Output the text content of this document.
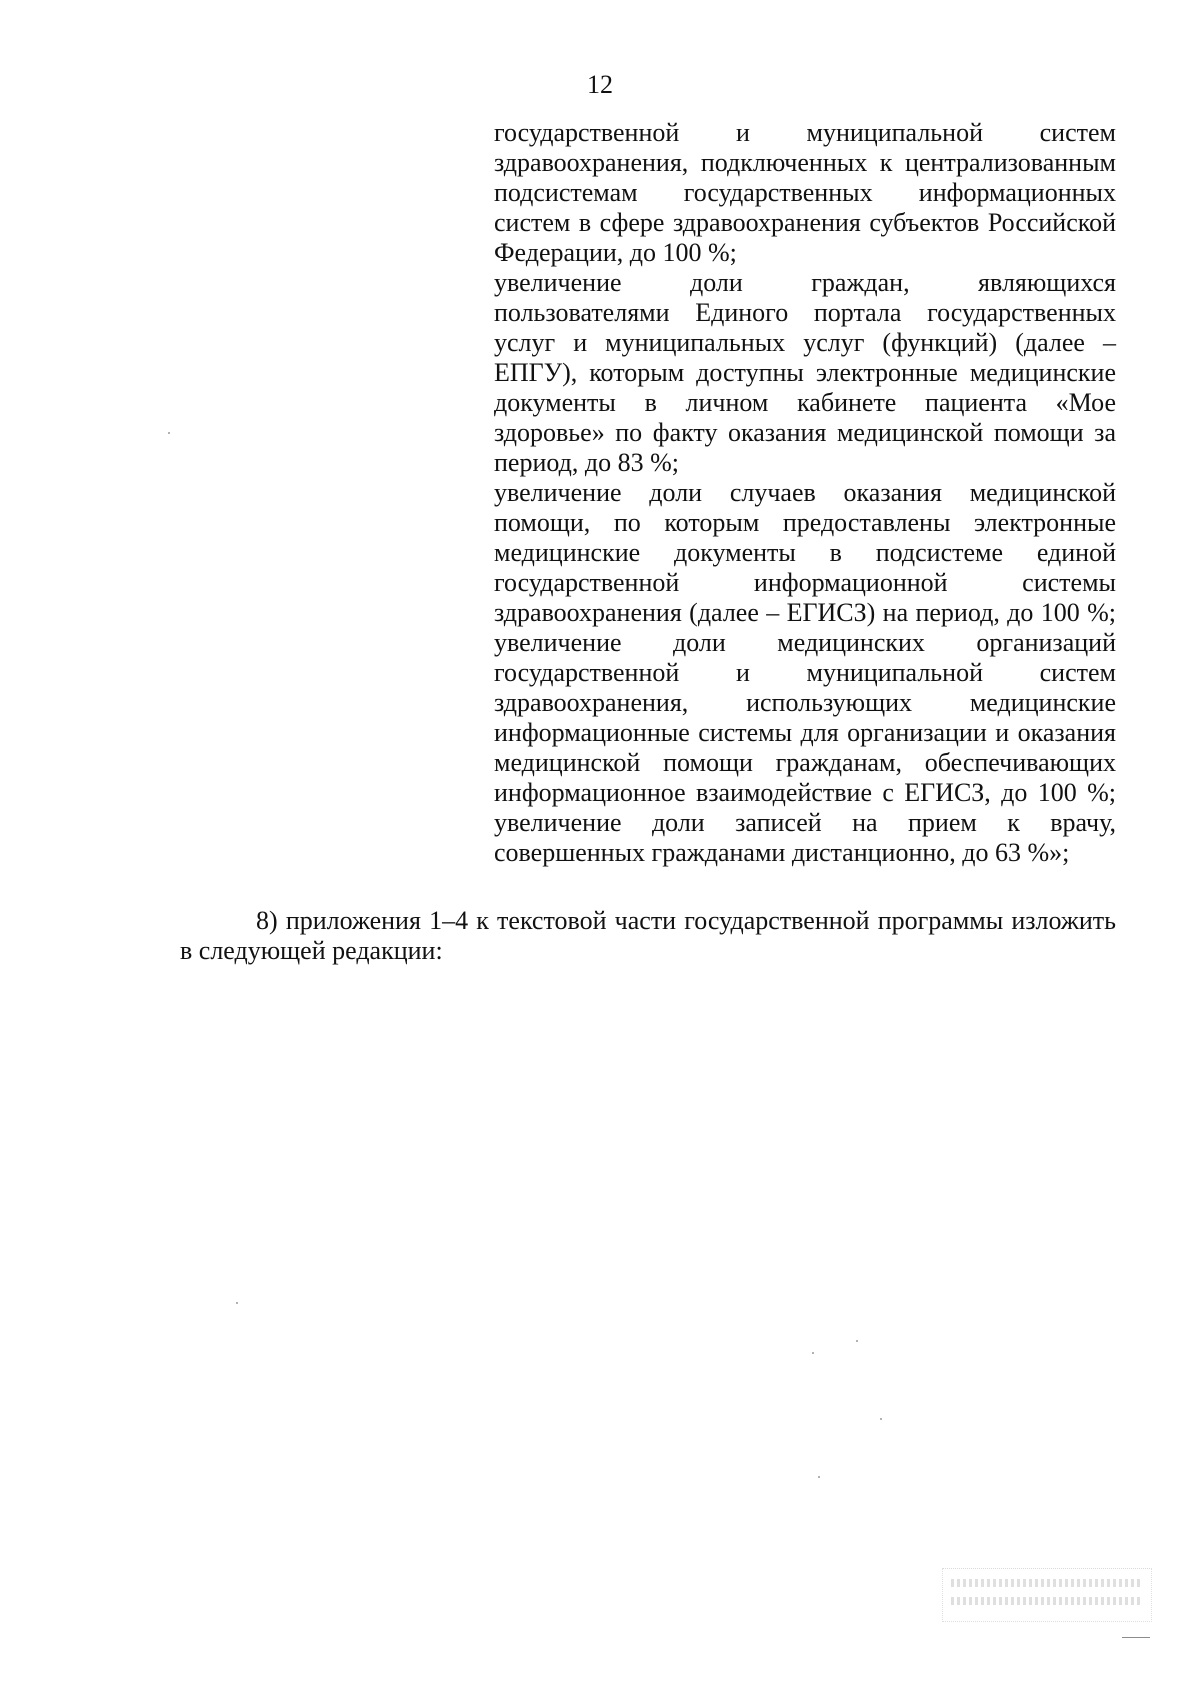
12
государственной и муниципальной систем
здравоохранения, подключенных к централизованным
подсистемам государственных информационных
систем в сфере здравоохранения субъектов Российской
Федерации, до 100 %;
увеличение доли граждан, являющихся
пользователями Единого портала государственных
услуг и муниципальных услуг (функций) (далее –
ЕПГУ), которым доступны электронные медицинские
документы в личном кабинете пациента «Мое
здоровье» по факту оказания медицинской помощи за
период, до 83 %;
увеличение доли случаев оказания медицинской
помощи, по которым предоставлены электронные
медицинские документы в подсистеме единой
государственной информационной системы
здравоохранения (далее – ЕГИСЗ) на период, до 100 %;
увеличение доли медицинских организаций
государственной и муниципальной систем
здравоохранения, использующих медицинские
информационные системы для организации и оказания
медицинской помощи гражданам, обеспечивающих
информационное взаимодействие с ЕГИСЗ, до 100 %;
увеличение доли записей на прием к врачу,
совершенных гражданами дистанционно, до 63 %»;
8) приложения 1–4 к текстовой части государственной программы изложить
в следующей редакции:
